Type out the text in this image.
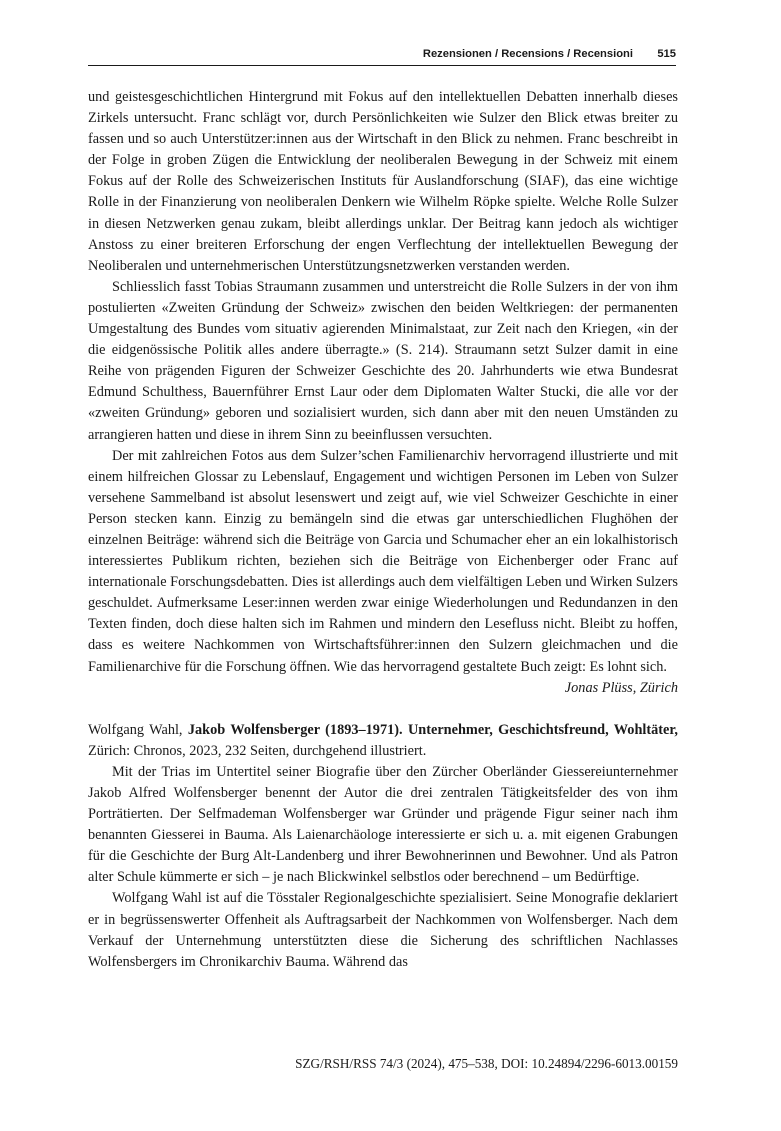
Rezensionen / Recensions / Recensioni 515

und geistesgeschichtlichen Hintergrund mit Fokus auf den intellektuellen Debatten innerhalb dieses Zirkels untersucht. Franc schlägt vor, durch Persönlichkeiten wie Sulzer den Blick etwas breiter zu fassen und so auch Unterstützer:innen aus der Wirtschaft in den Blick zu nehmen. Franc beschreibt in der Folge in groben Zügen die Entwicklung der neoliberalen Bewegung in der Schweiz mit einem Fokus auf der Rolle des Schweizerischen Instituts für Auslandforschung (SIAF), das eine wichtige Rolle in der Finanzierung von neoliberalen Denkern wie Wilhelm Röpke spielte. Welche Rolle Sulzer in diesen Netzwerken genau zukam, bleibt allerdings unklar. Der Beitrag kann jedoch als wichtiger Anstoss zu einer breiteren Erforschung der engen Verflechtung der intellektuellen Bewegung der Neoliberalen und unternehmerischen Unterstützungsnetzwerken verstanden werden.

Schliesslich fasst Tobias Straumann zusammen und unterstreicht die Rolle Sulzers in der von ihm postulierten «Zweiten Gründung der Schweiz» zwischen den beiden Weltkriegen: der permanenten Umgestaltung des Bundes vom situativ agierenden Minimalstaat, zur Zeit nach den Kriegen, «in der die eidgenössische Politik alles andere überragte.» (S. 214). Straumann setzt Sulzer damit in eine Reihe von prägenden Figuren der Schweizer Geschichte des 20. Jahrhunderts wie etwa Bundesrat Edmund Schulthess, Bauernführer Ernst Laur oder dem Diplomaten Walter Stucki, die alle vor der «zweiten Gründung» geboren und sozialisiert wurden, sich dann aber mit den neuen Umständen zu arrangieren hatten und diese in ihrem Sinn zu beeinflussen versuchten.

Der mit zahlreichen Fotos aus dem Sulzer’schen Familienarchiv hervorragend illustrierte und mit einem hilfreichen Glossar zu Lebenslauf, Engagement und wichtigen Personen im Leben von Sulzer versehene Sammelband ist absolut lesenswert und zeigt auf, wie viel Schweizer Geschichte in einer Person stecken kann. Einzig zu bemängeln sind die etwas gar unterschiedlichen Flughöhen der einzelnen Beiträge: während sich die Beiträge von Garcia und Schumacher eher an ein lokalhistorisch interessiertes Publikum richten, beziehen sich die Beiträge von Eichenberger oder Franc auf internationale Forschungsdebatten. Dies ist allerdings auch dem vielfältigen Leben und Wirken Sulzers geschuldet. Aufmerksame Leser:innen werden zwar einige Wiederholungen und Redundanzen in den Texten finden, doch diese halten sich im Rahmen und mindern den Lesefluss nicht. Bleibt zu hoffen, dass es weitere Nachkommen von Wirtschaftsführer:innen den Sulzern gleichmachen und die Familienarchive für die Forschung öffnen. Wie das hervorragend gestaltete Buch zeigt: Es lohnt sich.

Jonas Plüss, Zürich

Wolfgang Wahl, Jakob Wolfensberger (1893–1971). Unternehmer, Geschichtsfreund, Wohltäter, Zürich: Chronos, 2023, 232 Seiten, durchgehend illustriert.

Mit der Trias im Untertitel seiner Biografie über den Zürcher Oberländer Giessereiunternehmer Jakob Alfred Wolfensberger benennt der Autor die drei zentralen Tätigkeitsfelder des von ihm Porträtierten. Der Selfmademan Wolfensberger war Gründer und prägende Figur seiner nach ihm benannten Giesserei in Bauma. Als Laienarchäologe interessierte er sich u. a. mit eigenen Grabungen für die Geschichte der Burg Alt-Landenberg und ihrer Bewohnerinnen und Bewohner. Und als Patron alter Schule kümmerte er sich – je nach Blickwinkel selbstlos oder berechnend – um Bedürftige.

Wolfgang Wahl ist auf die Tösstaler Regionalgeschichte spezialisiert. Seine Monografie deklariert er in begrüssenswerter Offenheit als Auftragsarbeit der Nachkommen von Wolfensberger. Nach dem Verkauf der Unternehmung unterstützten diese die Sicherung des schriftlichen Nachlasses Wolfensbergers im Chronikarchiv Bauma. Während das

SZG/RSH/RSS 74/3 (2024), 475–538, DOI: 10.24894/2296-6013.00159
